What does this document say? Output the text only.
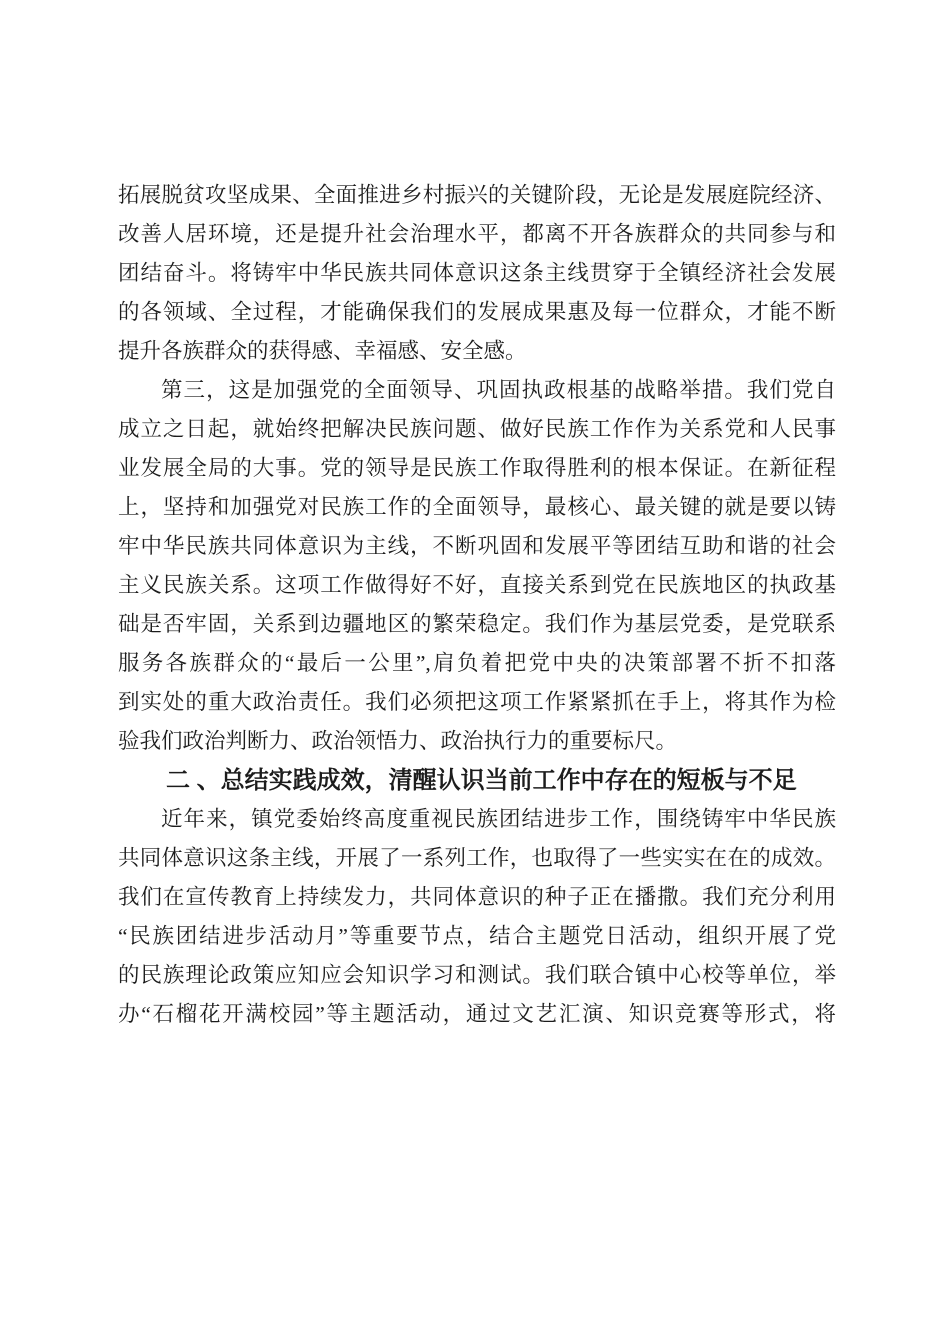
拓展脱贫攻坚成果、全面推进乡村振兴的关键阶段，无论是发展庭院经济、
改善人居环境，还是提升社会治理水平，都离不开各族群众的共同参与和
团结奋斗。将铸牢中华民族共同体意识这条主线贯穿于全镇经济社会发展
的各领域、全过程，才能确保我们的发展成果惠及每一位群众，才能不断
提升各族群众的获得感、幸福感、安全感。
第三，这是加强党的全面领导、巩固执政根基的战略举措。我们党自
成立之日起，就始终把解决民族问题、做好民族工作作为关系党和人民事
业发展全局的大事。党的领导是民族工作取得胜利的根本保证。在新征程
上，坚持和加强党对民族工作的全面领导，最核心、最关键的就是要以铸
牢中华民族共同体意识为主线，不断巩固和发展平等团结互助和谐的社会
主义民族关系。这项工作做得好不好，直接关系到党在民族地区的执政基
础是否牢固，关系到边疆地区的繁荣稳定。我们作为基层党委，是党联系
服务各族群众的“最后一公里”,肩负着把党中央的决策部署不折不扣落
到实处的重大政治责任。我们必须把这项工作紧紧抓在手上，将其作为检
验我们政治判断力、政治领悟力、政治执行力的重要标尺。
二 、总结实践成效，清醒认识当前工作中存在的短板与不足
近年来，镇党委始终高度重视民族团结进步工作，围绕铸牢中华民族
共同体意识这条主线，开展了一系列工作，也取得了一些实实在在的成效。
我们在宣传教育上持续发力，共同体意识的种子正在播撒。我们充分利用
“民族团结进步活动月”等重要节点，结合主题党日活动，组织开展了党
的民族理论政策应知应会知识学习和测试。我们联合镇中心校等单位，举
办“石榴花开满校园”等主题活动，通过文艺汇演、知识竞赛等形式，将
